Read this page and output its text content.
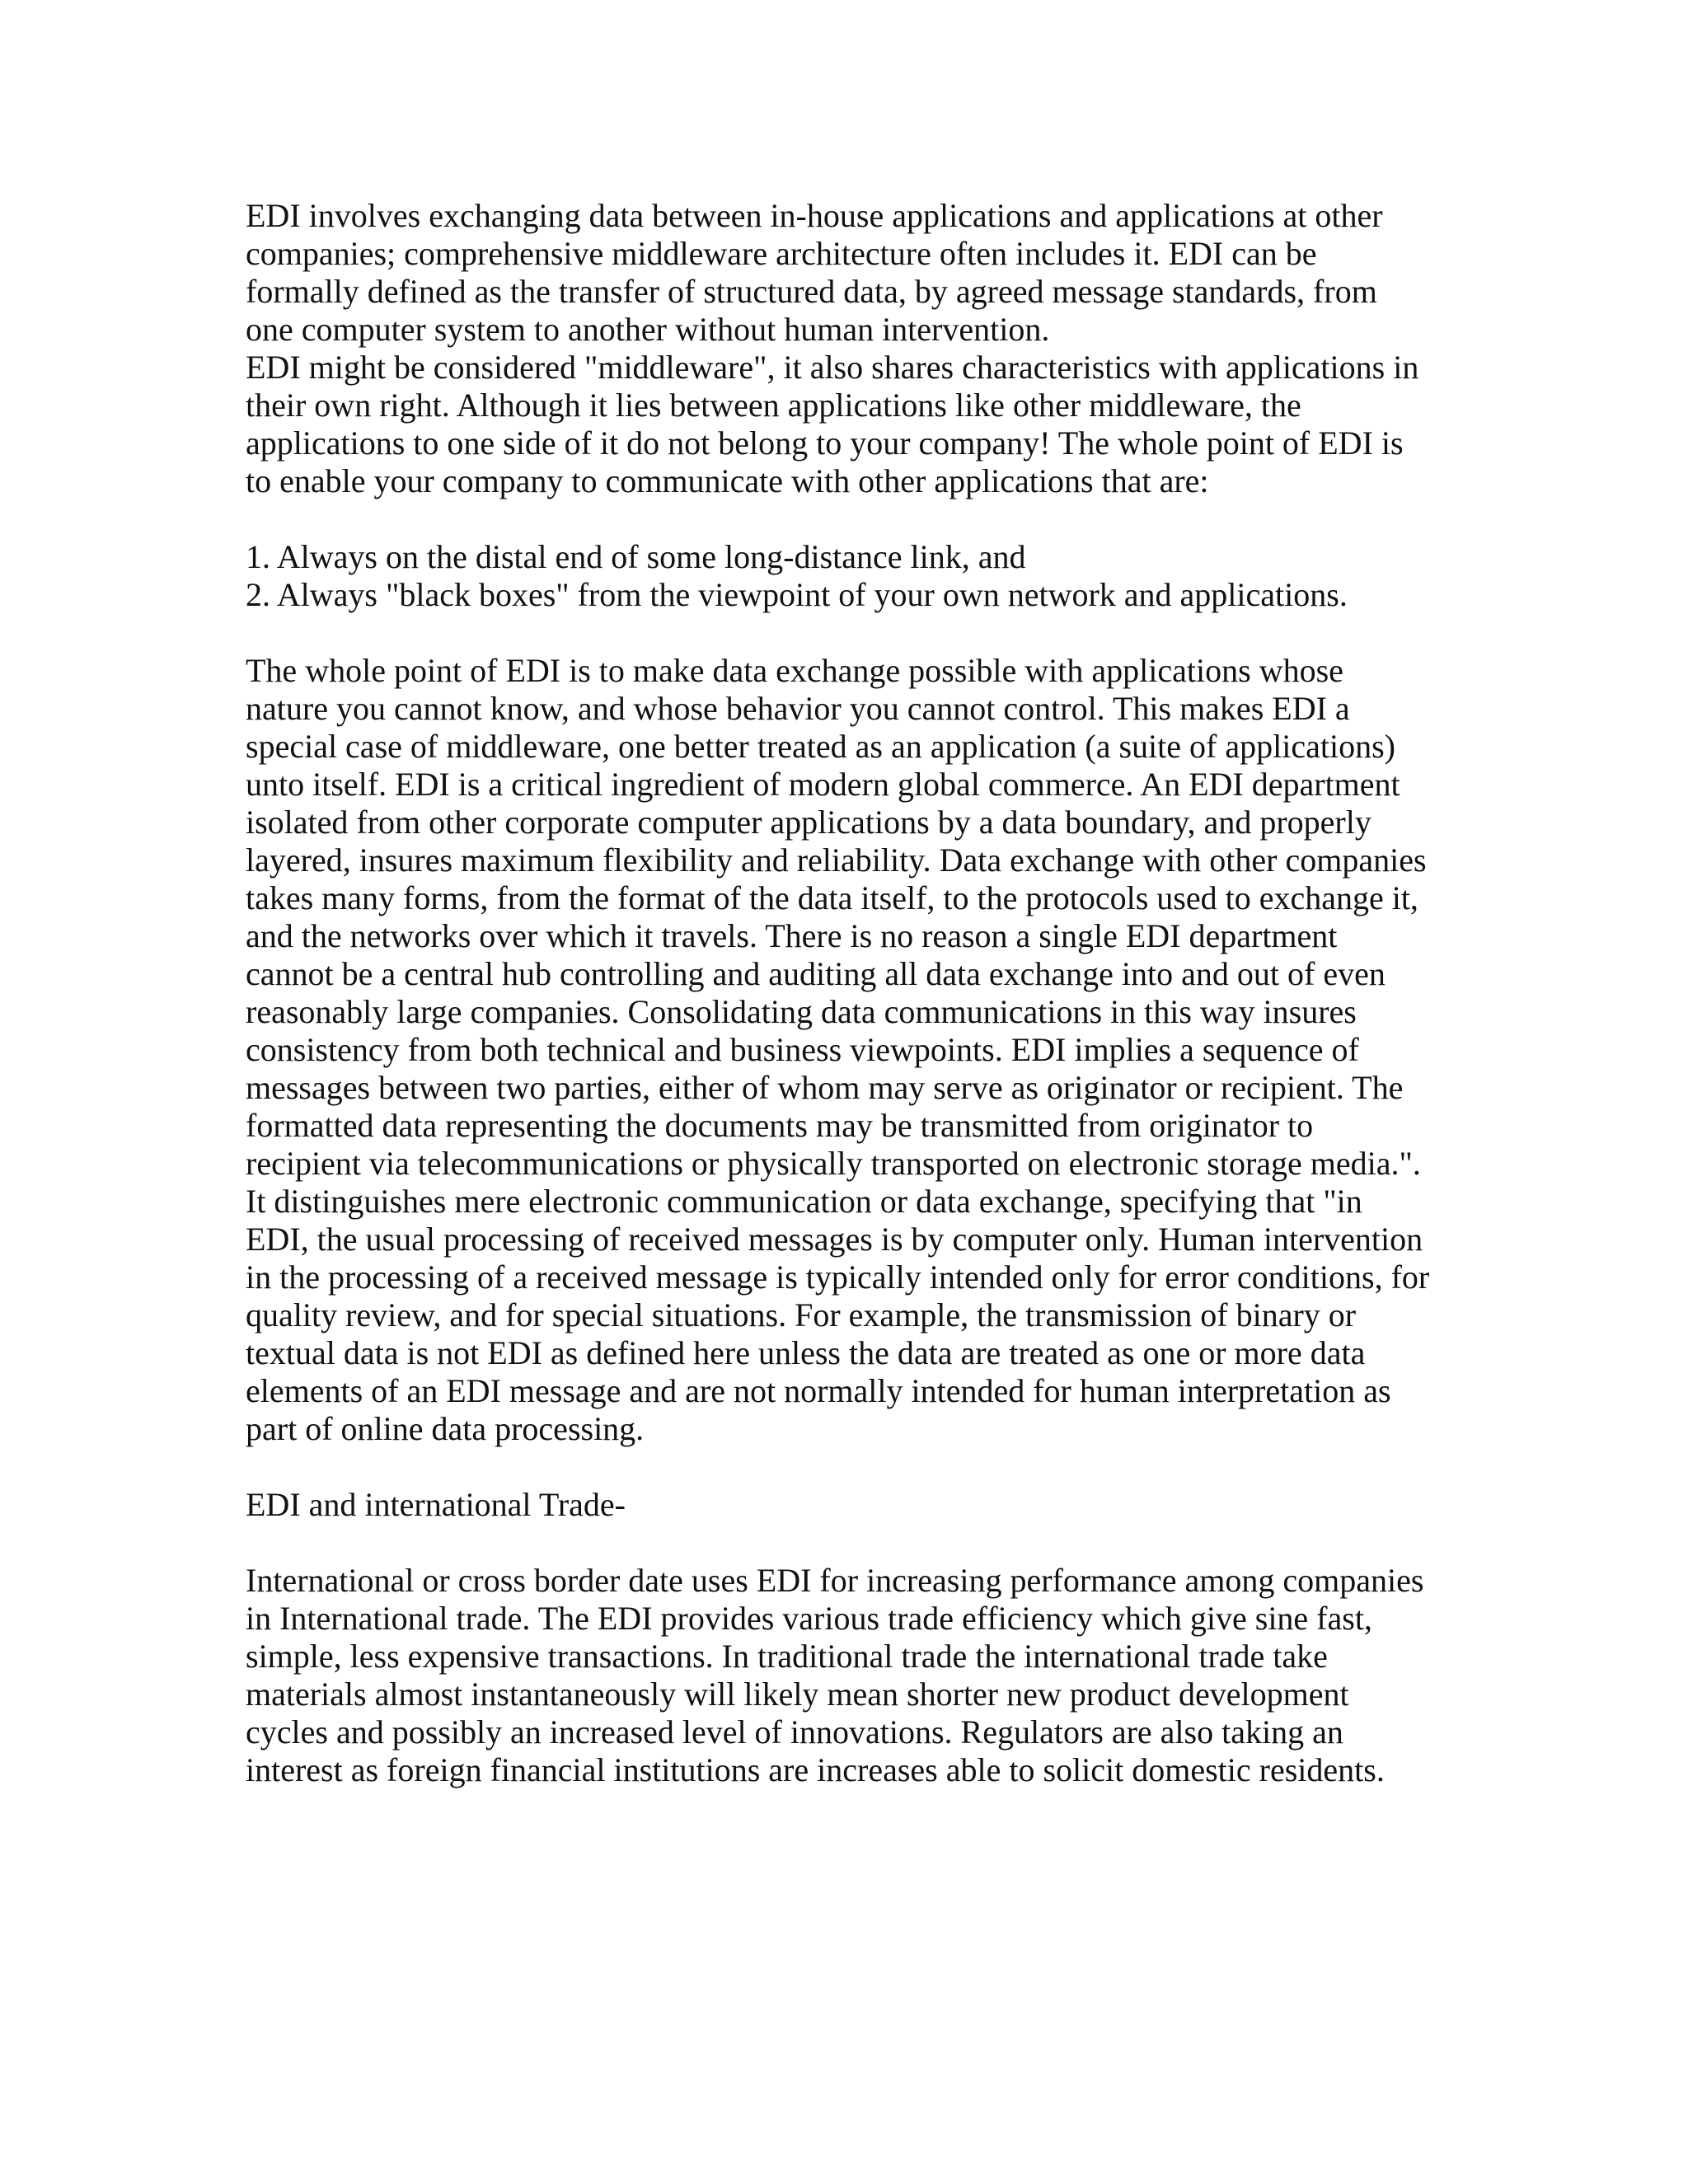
EDI involves exchanging data between in-house applications and applications at other

companies; comprehensive middleware architecture often includes it. EDI can be

formally defined as the transfer of structured data, by agreed message standards, from

one computer system to another without human intervention.

EDI might be considered "middleware", it also shares characteristics with applications in

their own right. Although it lies between applications like other middleware, the

applications to one side of it do not belong to your company! The whole point of EDI is

to enable your company to communicate with other applications that are:

1. Always on the distal end of some long-distance link, and

2. Always "black boxes" from the viewpoint of your own network and applications.

The whole point of EDI is to make data exchange possible with applications whose

nature you cannot know, and whose behavior you cannot control. This makes EDI a

special case of middleware, one better treated as an application (a suite of applications)

unto itself. EDI is a critical ingredient of modern global commerce. An EDI department

isolated from other corporate computer applications by a data boundary, and properly

layered, insures maximum flexibility and reliability. Data exchange with other companies

takes many forms, from the format of the data itself, to the protocols used to exchange it,

and the networks over which it travels. There is no reason a single EDI department

cannot be a central hub controlling and auditing all data exchange into and out of even

reasonably large companies. Consolidating data communications in this way insures

consistency from both technical and business viewpoints. EDI implies a sequence of

messages between two parties, either of whom may serve as originator or recipient. The

formatted data representing the documents may be transmitted from originator to

recipient via telecommunications or physically transported on electronic storage media.".

It distinguishes mere electronic communication or data exchange, specifying that "in

EDI, the usual processing of received messages is by computer only. Human intervention

in the processing of a received message is typically intended only for error conditions, for

quality review, and for special situations. For example, the transmission of binary or

textual data is not EDI as defined here unless the data are treated as one or more data

elements of an EDI message and are not normally intended for human interpretation as

part of online data processing.

EDI and international Trade-

International or cross border date uses EDI for increasing performance among companies

in International trade. The EDI provides various trade efficiency which give sine fast,

simple, less expensive transactions. In traditional trade the international trade take

materials almost instantaneously will likely mean shorter new product development

cycles and possibly an increased level of innovations. Regulators are also taking an

interest as foreign financial institutions are increases able to solicit domestic residents.
